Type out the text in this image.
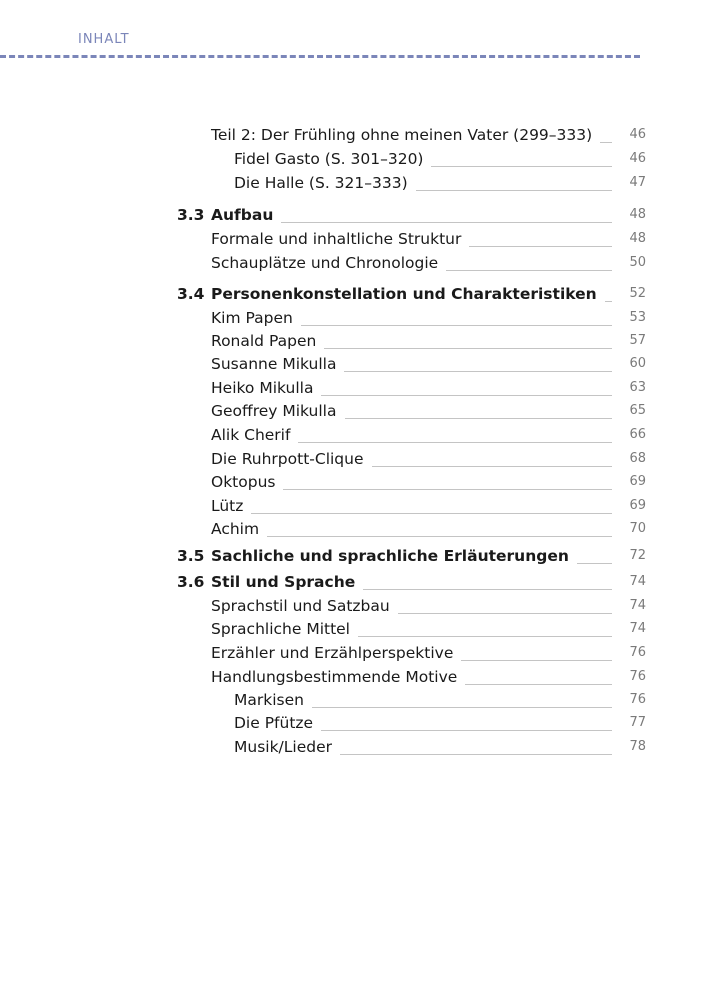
INHALT
Teil 2: Der Frühling ohne meinen Vater (299–333)	46
Fidel Gasto (S. 301–320)	46
Die Halle (S. 321–333)	47
3.3 Aufbau	48
Formale und inhaltliche Struktur	48
Schauplätze und Chronologie	50
3.4 Personenkonstellation und Charakteristiken	52
Kim Papen	53
Ronald Papen	57
Susanne Mikulla	60
Heiko Mikulla	63
Geoffrey Mikulla	65
Alik Cherif	66
Die Ruhrpott-Clique	68
Oktopus	69
Lütz	69
Achim	70
3.5 Sachliche und sprachliche Erläuterungen	72
3.6 Stil und Sprache	74
Sprachstil und Satzbau	74
Sprachliche Mittel	74
Erzähler und Erzählperspektive	76
Handlungsbestimmende Motive	76
Markisen	76
Die Pfütze	77
Musik/Lieder	78
